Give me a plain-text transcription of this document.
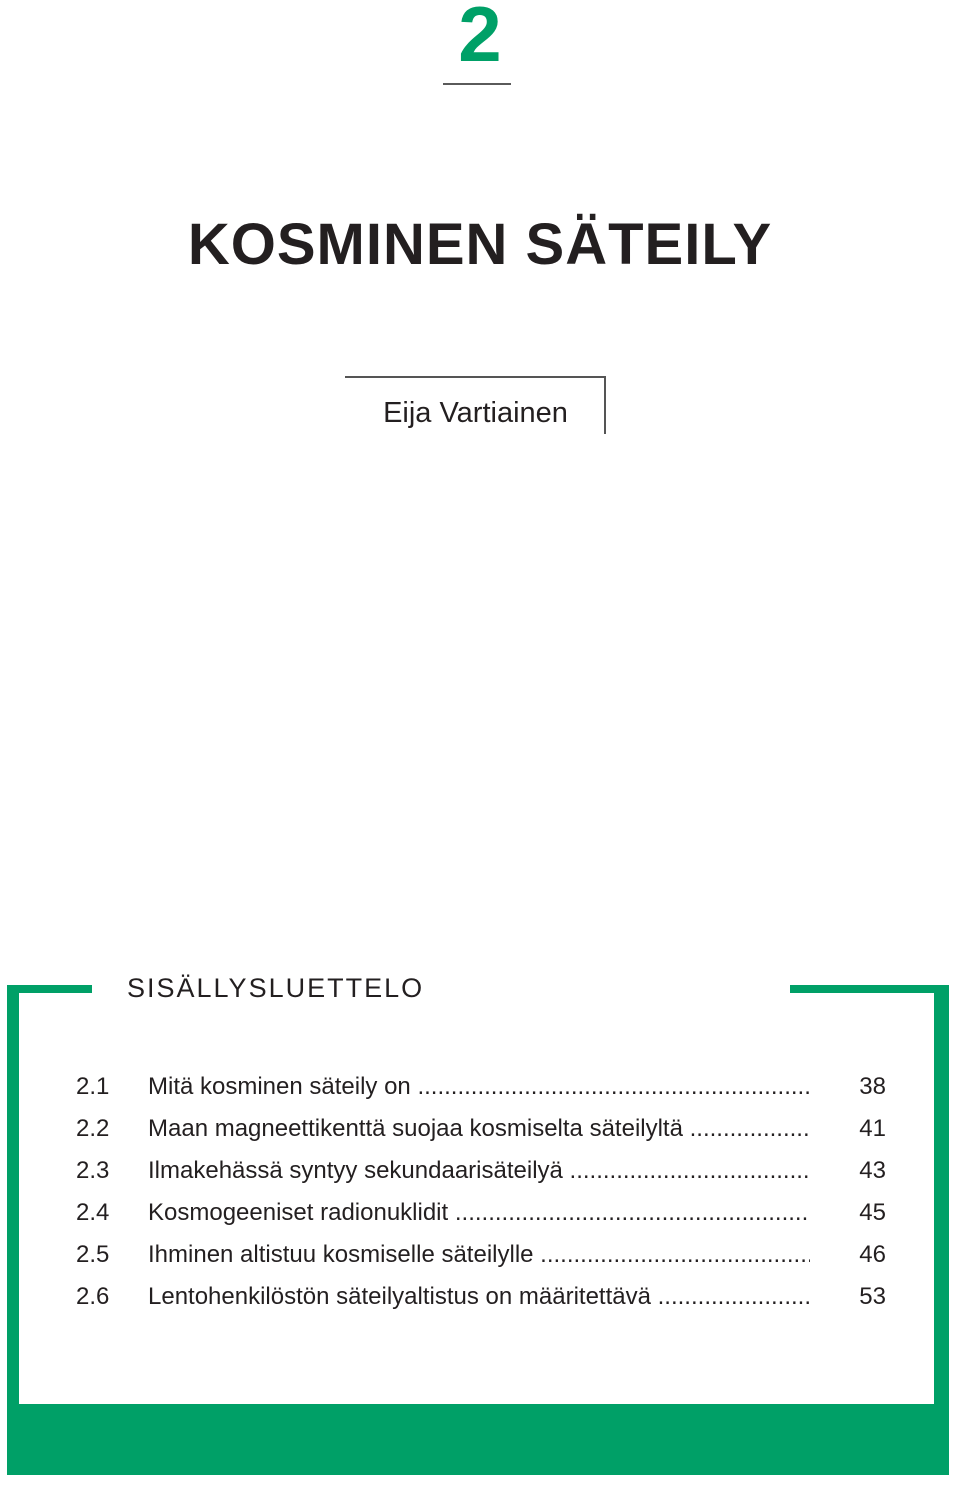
2
KOSMINEN SÄTEILY
Eija Vartiainen
SISÄLLYSLUETTELO
2.1 Mitä kosminen säteily on .....	38
2.2 Maan magneettikenttä suojaa kosmiselta säteilyltä .....	41
2.3 Ilmakehässä syntyy sekundaarisäteilyä .....	43
2.4 Kosmogeeniset radionuklidit .....	45
2.5 Ihminen altistuu kosmiselle säteilylle .....	46
2.6 Lentohenkilöstön säteilyaltistus on määritettävä .....	53
